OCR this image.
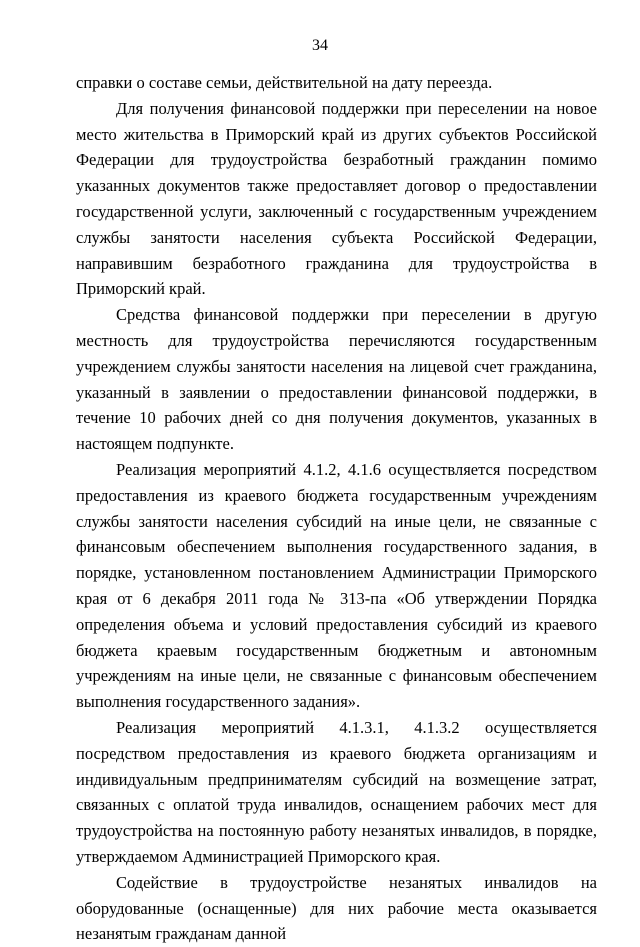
34

справки о составе семьи, действительной на дату переезда.

Для получения финансовой поддержки при переселении на новое место жительства в Приморский край из других субъектов Российской Федерации для трудоустройства безработный гражданин помимо указанных документов также предоставляет договор о предоставлении государственной услуги, заключенный с государственным учреждением службы занятости населения субъекта Российской Федерации, направившим безработного гражданина для трудоустройства в Приморский край.

Средства финансовой поддержки при переселении в другую местность для трудоустройства перечисляются государственным учреждением службы занятости населения на лицевой счет гражданина, указанный в заявлении о предоставлении финансовой поддержки, в течение 10 рабочих дней со дня получения документов, указанных в настоящем подпункте.

Реализация мероприятий 4.1.2, 4.1.6 осуществляется посредством предоставления из краевого бюджета государственным учреждениям службы занятости населения субсидий на иные цели, не связанные с финансовым обеспечением выполнения государственного задания, в порядке, установленном постановлением Администрации Приморского края от 6 декабря 2011 года № 313-па «Об утверждении Порядка определения объема и условий предоставления субсидий из краевого бюджета краевым государственным бюджетным и автономным учреждениям на иные цели, не связанные с финансовым обеспечением выполнения государственного задания».

Реализация мероприятий 4.1.3.1, 4.1.3.2 осуществляется посредством предоставления из краевого бюджета организациям и индивидуальным предпринимателям субсидий на возмещение затрат, связанных с оплатой труда инвалидов, оснащением рабочих мест для трудоустройства на постоянную работу незанятых инвалидов, в порядке, утверждаемом Администрацией Приморского края.

Содействие в трудоустройстве незанятых инвалидов на оборудованные (оснащенные) для них рабочие места оказывается незанятым гражданам данной
